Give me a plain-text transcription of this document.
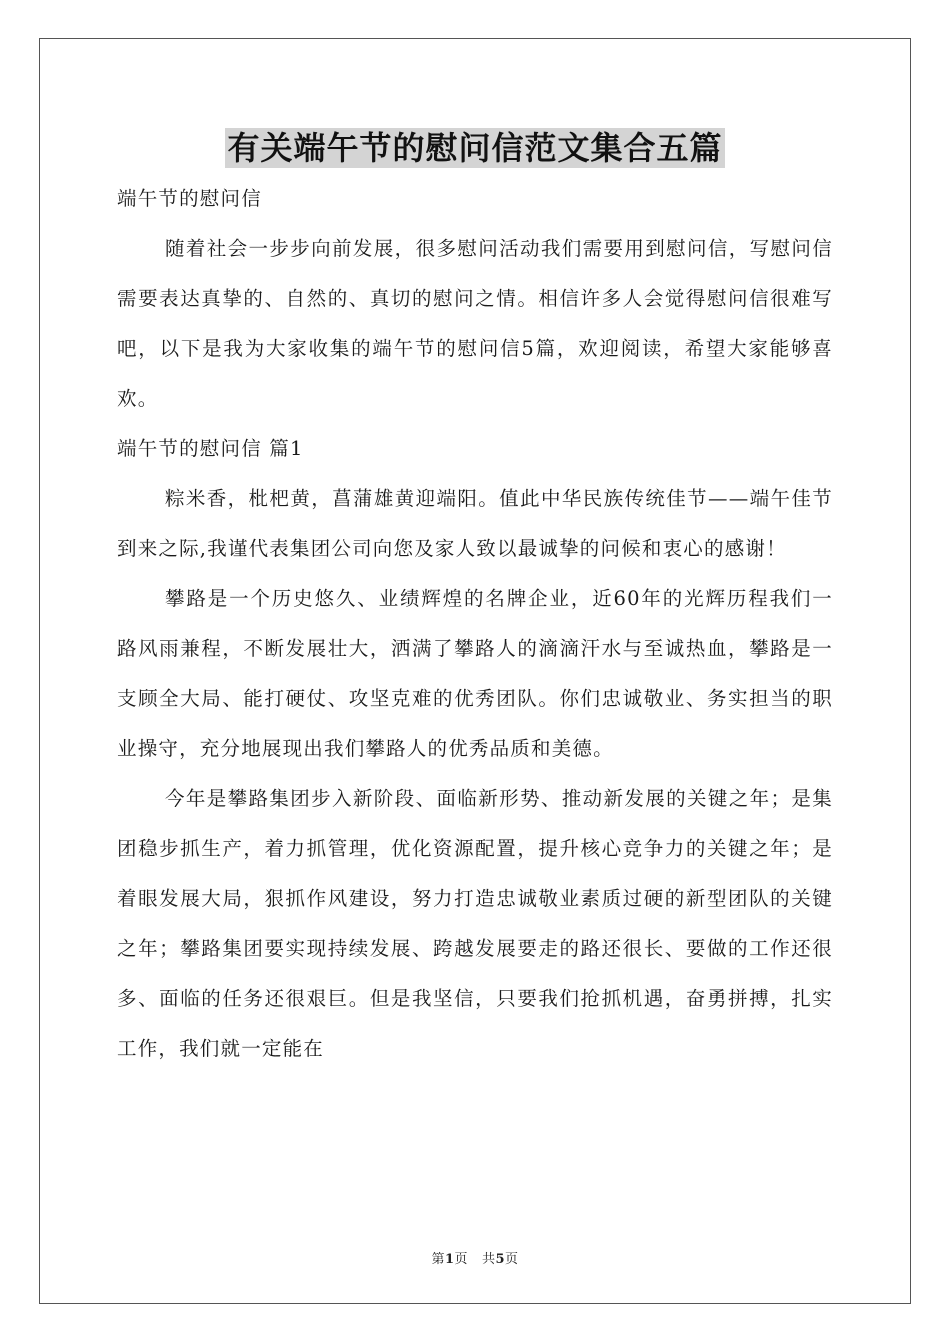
有关端午节的慰问信范文集合五篇

端午节的慰问信

随着社会一步步向前发展，很多慰问活动我们需要用到慰问信，写慰问信需要表达真挚的、自然的、真切的慰问之情。相信许多人会觉得慰问信很难写吧，以下是我为大家收集的端午节的慰问信5篇，欢迎阅读，希望大家能够喜欢。

端午节的慰问信 篇1

粽米香，枇杷黄，菖蒲雄黄迎端阳。值此中华民族传统佳节——端午佳节到来之际,我谨代表集团公司向您及家人致以最诚挚的问候和衷心的感谢！

攀路是一个历史悠久、业绩辉煌的名牌企业，近60年的光辉历程我们一路风雨兼程，不断发展壮大，洒满了攀路人的滴滴汗水与至诚热血，攀路是一支顾全大局、能打硬仗、攻坚克难的优秀团队。你们忠诚敬业、务实担当的职业操守，充分地展现出我们攀路人的优秀品质和美德。

今年是攀路集团步入新阶段、面临新形势、推动新发展的关键之年；是集团稳步抓生产，着力抓管理，优化资源配置，提升核心竞争力的关键之年；是着眼发展大局，狠抓作风建设，努力打造忠诚敬业素质过硬的新型团队的关键之年；攀路集团要实现持续发展、跨越发展要走的路还很长、要做的工作还很多、面临的任务还很艰巨。但是我坚信，只要我们抢抓机遇，奋勇拼搏，扎实工作，我们就一定能在

第1页 共5页
